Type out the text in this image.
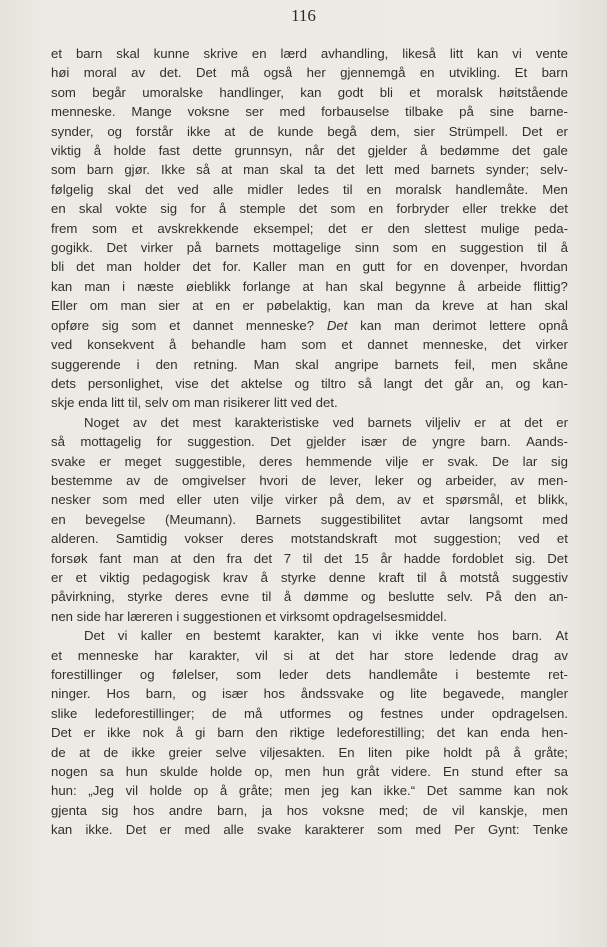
116
et barn skal kunne skrive en lærd avhandling, likeså litt kan vi vente
høi moral av det. Det må også her gjennemgå en utvikling. Et barn
som begår umoralske handlinger, kan godt bli et moralsk høitstående
menneske. Mange voksne ser med forbauselse tilbake på sine barne-
synder, og forstår ikke at de kunde begå dem, sier Strümpell. Det er
viktig å holde fast dette grunnsyn, når det gjelder å bedømme det gale
som barn gjør. Ikke så at man skal ta det lett med barnets synder; selv-
følgelig skal det ved alle midler ledes til en moralsk handlemåte. Men
en skal vokte sig for å stemple det som en forbryder eller trekke det
frem som et avskrekkende eksempel; det er den slettest mulige peda-
gogikk. Det virker på barnets mottagelige sinn som en suggestion til å
bli det man holder det for. Kaller man en gutt for en dovenper, hvordan
kan man i næste øieblikk forlange at han skal begynne å arbeide flittig?
Eller om man sier at en er pøbelaktig, kan man da kreve at han skal
opføre sig som et dannet menneske? Det kan man derimot lettere opnå
ved konsekvent å behandle ham som et dannet menneske, det virker
suggerende i den retning. Man skal angripe barnets feil, men skåne
dets personlighet, vise det aktelse og tiltro så langt det går an, og kan-
skje enda litt til, selv om man risikerer litt ved det.
Noget av det mest karakteristiske ved barnets viljeliv er at det er
så mottagelig for suggestion. Det gjelder især de yngre barn. Aands-
svake er meget suggestible, deres hemmende vilje er svak. De lar sig
bestemme av de omgivelser hvori de lever, leker og arbeider, av men-
nesker som med eller uten vilje virker på dem, av et spørsmål, et blikk,
en bevegelse (Meumann). Barnets suggestibilitet avtar langsomt med
alderen. Samtidig vokser deres motstandskraft mot suggestion; ved et
forsøk fant man at den fra det 7 til det 15 år hadde fordoblet sig. Det
er et viktig pedagogisk krav å styrke denne kraft til å motstå suggestiv
påvirkning, styrke deres evne til å dømme og beslutte selv. På den an-
nen side har læreren i suggestionen et virksomt opdragelsesmiddel.
Det vi kaller en bestemt karakter, kan vi ikke vente hos barn. At
et menneske har karakter, vil si at det har store ledende drag av
forestillinger og følelser, som leder dets handlemåte i bestemte ret-
ninger. Hos barn, og især hos åndssvake og lite begavede, mangler
slike ledeforestillinger; de må utformes og festnes under opdragelsen.
Det er ikke nok å gi barn den riktige ledeforestilling; det kan enda hen-
de at de ikke greier selve viljesakten. En liten pike holdt på å gråte;
nogen sa hun skulde holde op, men hun gråt videre. En stund efter sa
hun: „Jeg vil holde op å gråte; men jeg kan ikke.“ Det samme kan nok
gjenta sig hos andre barn, ja hos voksne med; de vil kanskje, men
kan ikke. Det er med alle svake karakterer som med Per Gynt: Tenke
